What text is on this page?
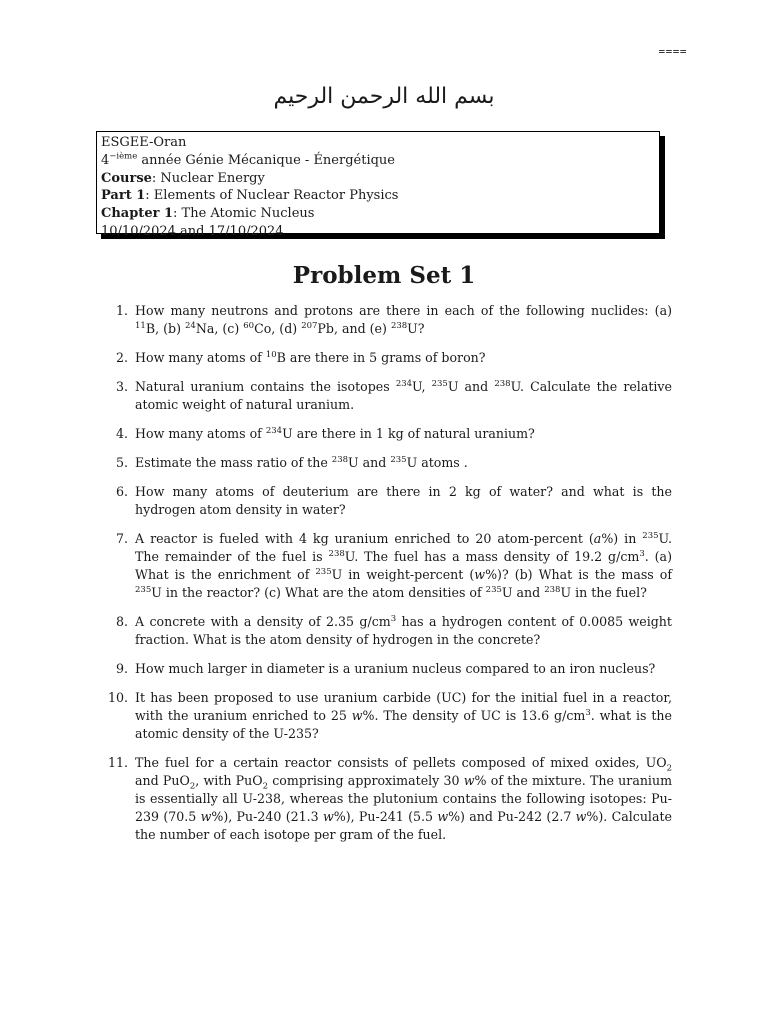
====
بسم الله الرحمن الرحيم
ESGEE-Oran
$4^{-ième}$ année Génie Mécanique - Énergétique
Course: Nuclear Energy
Part 1: Elements of Nuclear Reactor Physics
Chapter 1: The Atomic Nucleus
10/10/2024 and 17/10/2024
Problem Set 1
1. How many neutrons and protons are there in each of the following nuclides: (a) $^{11}$B, (b) $^{24}$Na, (c) $^{60}$Co, (d) $^{207}$Pb, and (e) $^{238}$U?
2. How many atoms of $^{10}$B are there in 5 grams of boron?
3. Natural uranium contains the isotopes $^{234}$U, $^{235}$U and $^{238}$U. Calculate the relative atomic weight of natural uranium.
4. How many atoms of $^{234}$U are there in 1 kg of natural uranium?
5. Estimate the mass ratio of the $^{238}$U and $^{235}$U atoms .
6. How many atoms of deuterium are there in 2 kg of water? and what is the hydrogen atom density in water?
7. A reactor is fueled with 4 kg uranium enriched to 20 atom-percent (a%) in $^{235}$U. The remainder of the fuel is $^{238}$U. The fuel has a mass density of 19.2 $g/cm^3$. (a) What is the enrichment of $^{235}$U in weight-percent (w%)? (b) What is the mass of $^{235}$U in the reactor? (c) What are the atom densities of $^{235}$U and $^{238}$U in the fuel?
8. A concrete with a density of 2.35 $g/cm^3$ has a hydrogen content of 0.0085 weight fraction. What is the atom density of hydrogen in the concrete?
9. How much larger in diameter is a uranium nucleus compared to an iron nucleus?
10. It has been proposed to use uranium carbide (UC) for the initial fuel in a reactor, with the uranium enriched to 25 w%. The density of UC is 13.6 $g/cm^3$. what is the atomic density of the U-235?
11. The fuel for a certain reactor consists of pellets composed of mixed oxides, $UO_2$ and PuO$_2$, with PuO$_2$ comprising approximately 30 w% of the mixture. The uranium is essentially all U-238, whereas the plutonium contains the following isotopes: Pu-239 (70.5 w%), Pu-240 (21.3 w%), Pu-241 (5.5 w%) and Pu-242 (2.7 w%). Calculate the number of each isotope per gram of the fuel.
